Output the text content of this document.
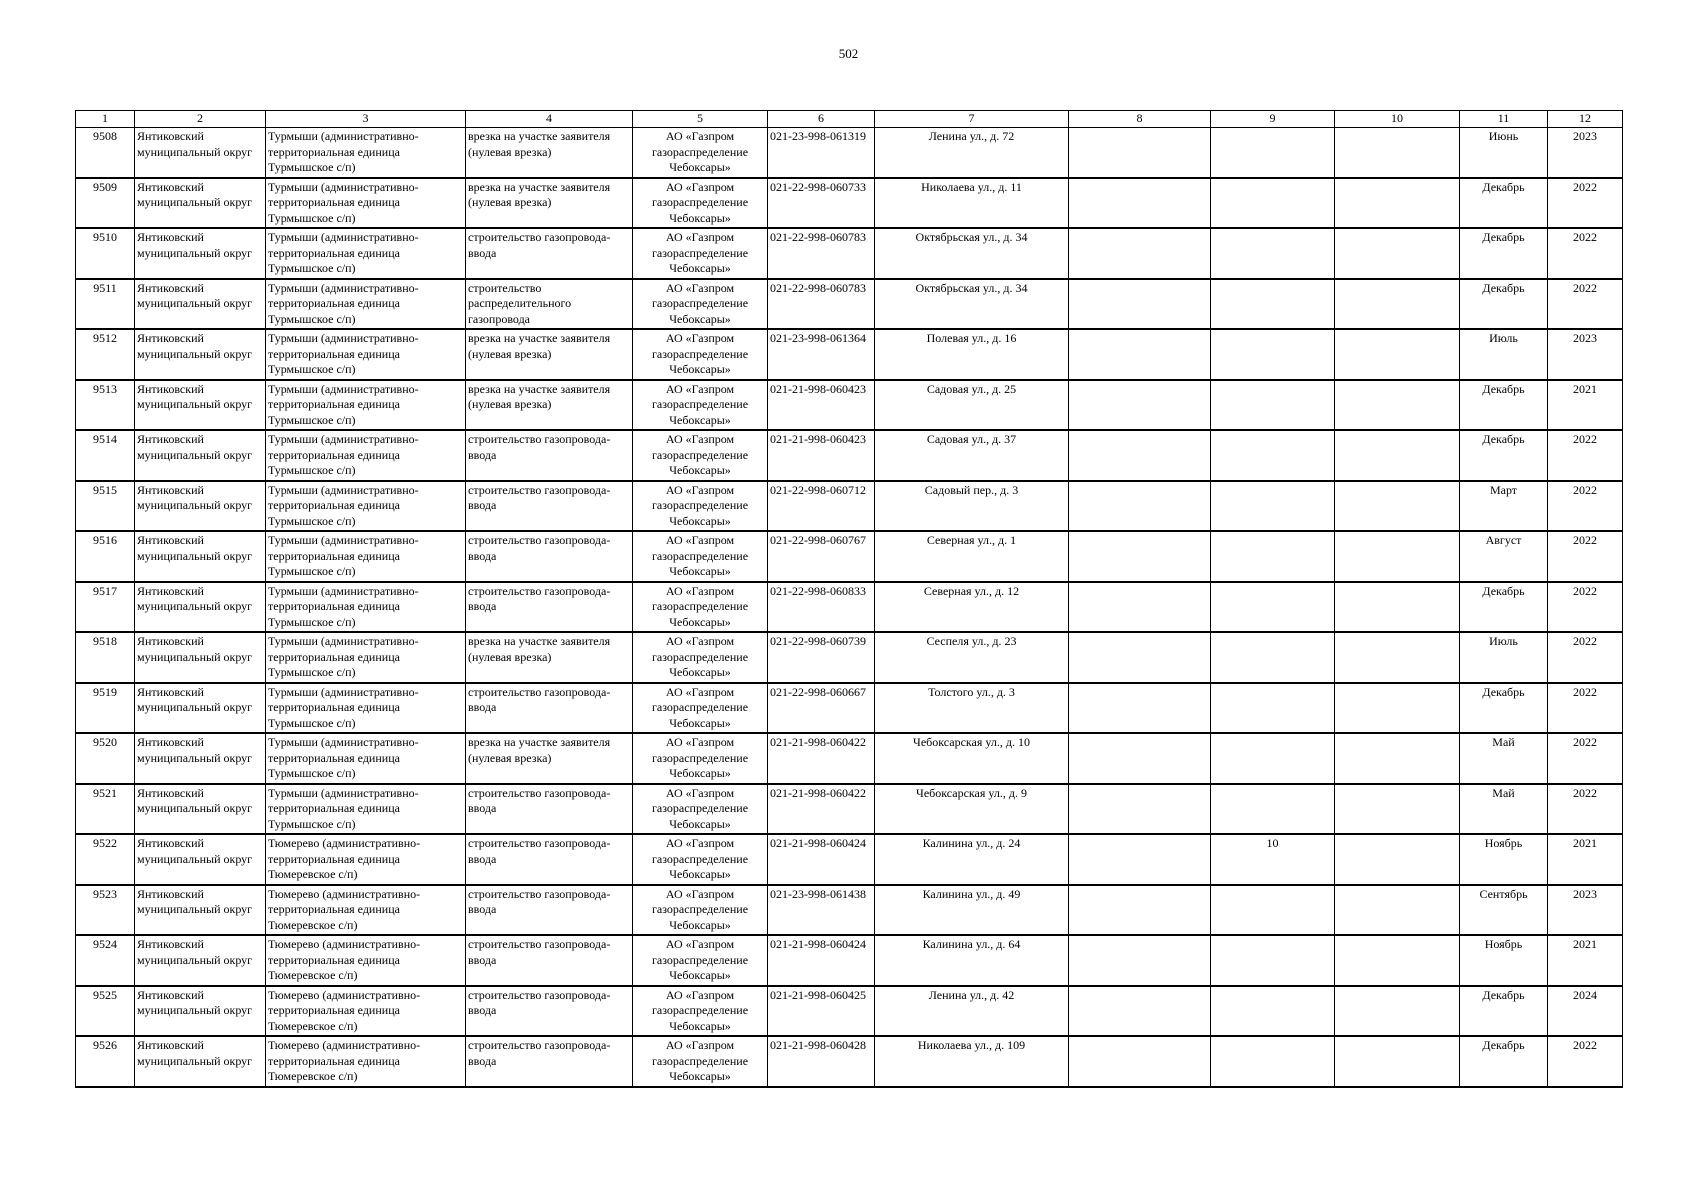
502
1	2	3	4	5	6	7	8	9	10	11	12
9508	Янтиковский муниципальный округ	Турмыши (административно-территориальная единица Турмышское с/п)	врезка на участке заявителя (нулевая врезка)	АО «Газпром газораспределение Чебоксары»	021-23-998-061319	Ленина ул., д. 72				Июнь	2023
9509	Янтиковский муниципальный округ	Турмыши (административно-территориальная единица Турмышское с/п)	врезка на участке заявителя (нулевая врезка)	АО «Газпром газораспределение Чебоксары»	021-22-998-060733	Николаева ул., д. 11				Декабрь	2022
9510	Янтиковский муниципальный округ	Турмыши (административно-территориальная единица Турмышское с/п)	строительство газопровода-ввода	АО «Газпром газораспределение Чебоксары»	021-22-998-060783	Октябрьская ул., д. 34				Декабрь	2022
9511	Янтиковский муниципальный округ	Турмыши (административно-территориальная единица Турмышское с/п)	строительство распределительного газопровода	АО «Газпром газораспределение Чебоксары»	021-22-998-060783	Октябрьская ул., д. 34				Декабрь	2022
9512	Янтиковский муниципальный округ	Турмыши (административно-территориальная единица Турмышское с/п)	врезка на участке заявителя (нулевая врезка)	АО «Газпром газораспределение Чебоксары»	021-23-998-061364	Полевая ул., д. 16				Июль	2023
9513	Янтиковский муниципальный округ	Турмыши (административно-территориальная единица Турмышское с/п)	врезка на участке заявителя (нулевая врезка)	АО «Газпром газораспределение Чебоксары»	021-21-998-060423	Садовая ул., д. 25				Декабрь	2021
9514	Янтиковский муниципальный округ	Турмыши (административно-территориальная единица Турмышское с/п)	строительство газопровода-ввода	АО «Газпром газораспределение Чебоксары»	021-21-998-060423	Садовая ул., д. 37				Декабрь	2022
9515	Янтиковский муниципальный округ	Турмыши (административно-территориальная единица Турмышское с/п)	строительство газопровода-ввода	АО «Газпром газораспределение Чебоксары»	021-22-998-060712	Садовый пер., д. 3				Март	2022
9516	Янтиковский муниципальный округ	Турмыши (административно-территориальная единица Турмышское с/п)	строительство газопровода-ввода	АО «Газпром газораспределение Чебоксары»	021-22-998-060767	Северная ул., д. 1				Август	2022
9517	Янтиковский муниципальный округ	Турмыши (административно-территориальная единица Турмышское с/п)	строительство газопровода-ввода	АО «Газпром газораспределение Чебоксары»	021-22-998-060833	Северная ул., д. 12				Декабрь	2022
9518	Янтиковский муниципальный округ	Турмыши (административно-территориальная единица Турмышское с/п)	врезка на участке заявителя (нулевая врезка)	АО «Газпром газораспределение Чебоксары»	021-22-998-060739	Сеспеля ул., д. 23				Июль	2022
9519	Янтиковский муниципальный округ	Турмыши (административно-территориальная единица Турмышское с/п)	строительство газопровода-ввода	АО «Газпром газораспределение Чебоксары»	021-22-998-060667	Толстого ул., д. 3				Декабрь	2022
9520	Янтиковский муниципальный округ	Турмыши (административно-территориальная единица Турмышское с/п)	врезка на участке заявителя (нулевая врезка)	АО «Газпром газораспределение Чебоксары»	021-21-998-060422	Чебоксарская ул., д. 10				Май	2022
9521	Янтиковский муниципальный округ	Турмыши (административно-территориальная единица Турмышское с/п)	строительство газопровода-ввода	АО «Газпром газораспределение Чебоксары»	021-21-998-060422	Чебоксарская ул., д. 9				Май	2022
9522	Янтиковский муниципальный округ	Тюмерево (административно-территориальная единица Тюмеревское с/п)	строительство газопровода-ввода	АО «Газпром газораспределение Чебоксары»	021-21-998-060424	Калинина ул., д. 24		10		Ноябрь	2021
9523	Янтиковский муниципальный округ	Тюмерево (административно-территориальная единица Тюмеревское с/п)	строительство газопровода-ввода	АО «Газпром газораспределение Чебоксары»	021-23-998-061438	Калинина ул., д. 49				Сентябрь	2023
9524	Янтиковский муниципальный округ	Тюмерево (административно-территориальная единица Тюмеревское с/п)	строительство газопровода-ввода	АО «Газпром газораспределение Чебоксары»	021-21-998-060424	Калинина ул., д. 64				Ноябрь	2021
9525	Янтиковский муниципальный округ	Тюмерево (административно-территориальная единица Тюмеревское с/п)	строительство газопровода-ввода	АО «Газпром газораспределение Чебоксары»	021-21-998-060425	Ленина ул., д. 42				Декабрь	2024
9526	Янтиковский муниципальный округ	Тюмерево (административно-территориальная единица Тюмеревское с/п)	строительство газопровода-ввода	АО «Газпром газораспределение Чебоксары»	021-21-998-060428	Николаева ул., д. 109				Декабрь	2022
